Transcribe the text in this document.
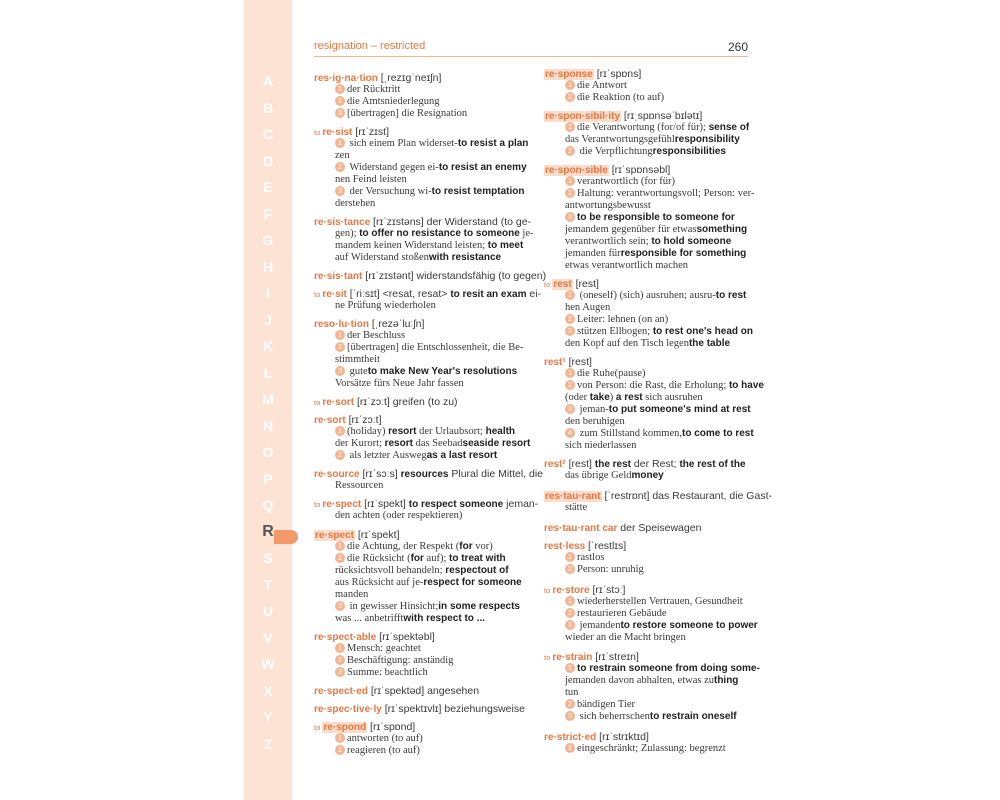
A
B
C
D
E
F
G
H
I
J
K
L
M
N
O
P
Q
R
S
T
U
V
W
X
Y
Z
resignation – restricted	260
res·ig·na·tion [ˌrezɪɡˈneɪʃn]
1 der Rücktritt
2 die Amtsniederlegung
3 [übertragen] die Resignation
to re·sist [rɪˈzɪst]
1 sich einem Plan widerset-to resist a plan
zen
2 Widerstand gegen ei-to resist an enemy
nen Feind leisten
3 der Versuchung wi-to resist temptation
derstehen
re·sis·tance [rɪˈzɪstəns] der Widerstand (to ge-
gen); to offer no resistance to someone je-
mandem keinen Widerstand leisten; to meet
auf Widerstand stoßenwith resistance
re·sis·tant [rɪˈzɪstənt] widerstandsfähig (to gegen)
to re·sit [ˈriːsɪt] <resat, resat> to resit an exam ei-
ne Prüfung wiederholen
reso·lu·tion [ˌrezəˈluːʃn]
1 der Beschluss
2 [übertragen] die Entschlossenheit, die Be-
stimmtheit
3 guteto make New Year's resolutions
Vorsätze fürs Neue Jahr fassen
to re·sort [rɪˈzɔːt] greifen (to zu)
re·sort [rɪˈzɔːt]
1 (holiday) resort der Urlaubsort; health
der Kurort; resort das Seebadseaside resort
2 als letzter Auswegas a last resort
re·source [rɪˈsɔːs] resources Plural die Mittel, die
Ressourcen
to re·spect [rɪˈspekt] to respect someone jeman-
den achten (oder respektieren)
re·spect [rɪˈspekt]
1 die Achtung, der Respekt (for vor)
2 die Rücksicht (for auf); to treat with
rücksichtsvoll behandeln; respectout of
aus Rücksicht auf je-respect for someone
manden
3 in gewisser Hinsicht;in some respects
was ... anbetrifftwith respect to ...
re·spect·able [rɪˈspektəbl]
1 Mensch: geachtet
2 Beschäftigung: anständig
3 Summe: beachtlich
re·spect·ed [rɪˈspektəd] angesehen
re·spec·tive·ly [rɪˈspektɪvlɪ] beziehungsweise
to re·spond [rɪˈspɒnd]
1 antworten (to auf)
2 reagieren (to auf)
re·sponse [rɪˈspɒns]
1 die Antwort
2 die Reaktion (to auf)
re·spon·sibil·ity [rɪˌspɒnsəˈbɪlətɪ]
1 die Verantwortung (for/of für); sense of
das Verantwortungsgefühlresponsibility
2 die Verpflichtungresponsibilities
re·spon·sible [rɪˈspɒnsəbl]
1 verantwortlich (for für)
2 Haltung: verantwortungsvoll; Person: ver-
antwortungsbewusst
3 to be responsible to someone for
jemandem gegenüber für etwassomething
verantwortlich sein; to hold someone
jemanden fürresponsible for something
etwas verantwortlich machen
to rest [rest]
1 (oneself) (sich) ausruhen; ausru-to rest
hen Augen
2 Leiter: lehnen (on an)
3 stützen Ellbogen; to rest one's head on
den Kopf auf den Tisch legenthe table
rest¹ [rest]
1 die Ruhe(pause)
2 von Person: die Rast, die Erholung; to have
(oder take) a rest sich ausruhen
3 jeman-to put someone's mind at rest
den beruhigen
4 zum Stillstand kommen,to come to rest
sich niederlassen
rest² [rest] the rest der Rest; the rest of the
das übrige Geldmoney
res·tau·rant [ˈrestrɒnt] das Restaurant, die Gast-
stätte
res·tau·rant car der Speisewagen
rest·less [ˈrestlɪs]
1 rastlos
2 Person: unruhig
to re·store [rɪˈstɔː]
1 wiederherstellen Vertrauen, Gesundheit
2 restaurieren Gebäude
3 jemandento restore someone to power
wieder an die Macht bringen
to re·strain [rɪˈstreɪn]
1 to restrain someone from doing some-
jemanden davon abhalten, etwas zuthing
tun
2 bändigen Tier
3 sich beherrschento restrain oneself
re·strict·ed [rɪˈstrɪktɪd]
1 eingeschränkt; Zulassung: begrenzt
